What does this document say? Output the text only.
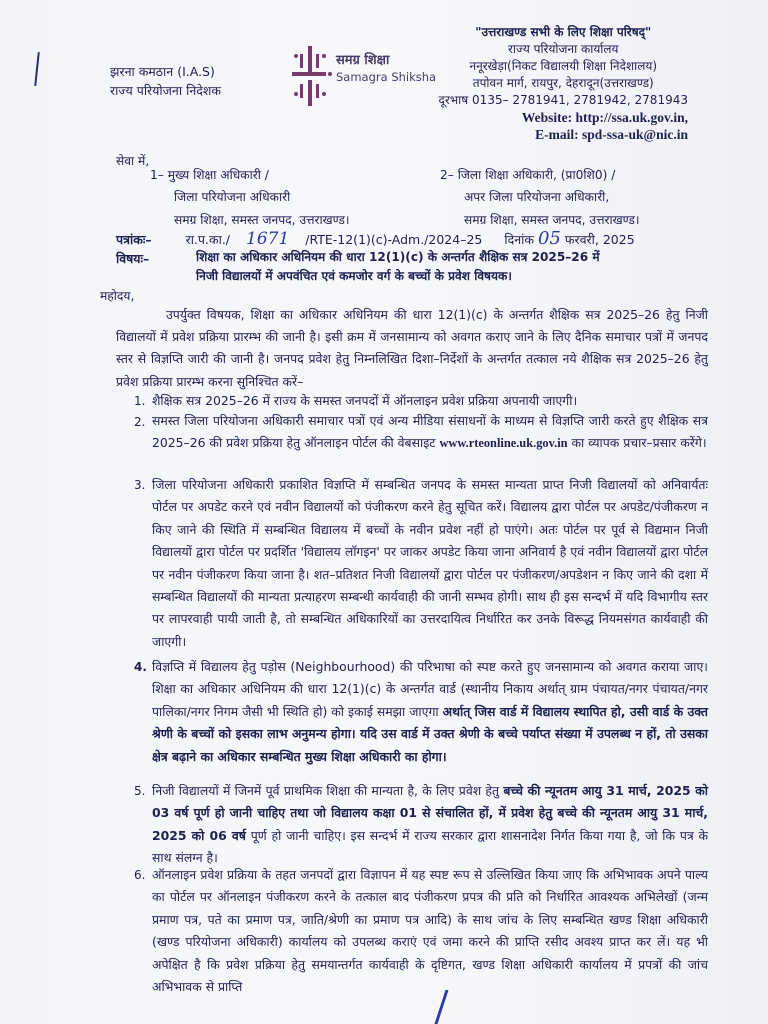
झरना कमठान (I.A.S)
राज्य परियोजना निदेशक
समग्र शिक्षा
Samagra Shiksha
"उत्तराखण्ड सभी के लिए शिक्षा परिषद्"
राज्य परियोजना कार्यालय
ननूरखेड़ा(निकट विद्यालयी शिक्षा निदेशालय)
तपोवन मार्ग, रायपुर, देहरादून(उत्तराखण्ड)
दूरभाष 0135– 2781941, 2781942, 2781943
Website: http://ssa.uk.gov.in,
E-mail: spd-ssa-uk@nic.in
सेवा में,
1– मुख्य शिक्षा अधिकारी /
जिला परियोजना अधिकारी
समग्र शिक्षा, समस्त जनपद, उत्तराखण्ड।
2– जिला शिक्षा अधिकारी, (प्रा0शि0) /
अपर जिला परियोजना अधिकारी,
समग्र शिक्षा, समस्त जनपद, उत्तराखण्ड।
पत्रांकः–	रा.प.का./ 1671 /RTE-12(1)(c)-Adm./2024–25 दिनांक 05 फरवरी, 2025
विषयः–	शिक्षा का अधिकार अधिनियम की धारा 12(1)(c) के अन्तर्गत शैक्षिक सत्र 2025–26 में
निजी विद्यालयों में अपवंचित एवं कमजोर वर्ग के बच्चों के प्रवेश विषयक।
महोदय,
उपर्युक्त विषयक, शिक्षा का अधिकार अधिनियम की धारा 12(1)(c) के अन्तर्गत शैक्षिक सत्र 2025–26 हेतु निजी विद्यालयों में प्रवेश प्रक्रिया प्रारम्भ की जानी है। इसी क्रम में जनसामान्य को अवगत कराए जाने के लिए दैनिक समाचार पत्रों में जनपद स्तर से विज्ञप्ति जारी की जानी है। जनपद प्रवेश हेतु निम्नलिखित दिशा–निर्देशों के अन्तर्गत तत्काल नये शैक्षिक सत्र 2025–26 हेतु प्रवेश प्रक्रिया प्रारम्भ करना सुनिश्चित करें–
1. शैक्षिक सत्र 2025–26 में राज्य के समस्त जनपदों में ऑनलाइन प्रवेश प्रक्रिया अपनायी जाएगी।
2. समस्त जिला परियोजना अधिकारी समाचार पत्रों एवं अन्य मीडिया संसाधनों के माध्यम से विज्ञप्ति जारी करते हुए शैक्षिक सत्र 2025–26 की प्रवेश प्रक्रिया हेतु ऑनलाइन पोर्टल की वेबसाइट www.rteonline.uk.gov.in का व्यापक प्रचार–प्रसार करेंगे।
3. जिला परियोजना अधिकारी प्रकाशित विज्ञप्ति में सम्बन्धित जनपद के समस्त मान्यता प्राप्त निजी विद्यालयों को अनिवार्यतः पोर्टल पर अपडेट करने एवं नवीन विद्यालयों को पंजीकरण करने हेतु सूचित करें। विद्यालय द्वारा पोर्टल पर अपडेट/पंजीकरण न किए जाने की स्थिति में सम्बन्धित विद्यालय में बच्चों के नवीन प्रवेश नहीं हो पाएंगे। अतः पोर्टल पर पूर्व से विद्यमान निजी विद्यालयों द्वारा पोर्टल पर प्रदर्शित 'विद्यालय लॉगइन' पर जाकर अपडेट किया जाना अनिवार्य है एवं नवीन विद्यालयों द्वारा पोर्टल पर नवीन पंजीकरण किया जाना है। शत–प्रतिशत निजी विद्यालयों द्वारा पोर्टल पर पंजीकरण/अपडेशन न किए जाने की दशा में सम्बन्धित विद्यालयों की मान्यता प्रत्याहरण सम्बन्धी कार्यवाही की जानी सम्भव होगी। साथ ही इस सन्दर्भ में यदि विभागीय स्तर पर लापरवाही पायी जाती है, तो सम्बन्धित अधिकारियों का उत्तरदायित्व निर्धारित कर उनके विरूद्ध नियमसंगत कार्यवाही की जाएगी।
4. विज्ञप्ति में विद्यालय हेतु पड़ोस (Neighbourhood) की परिभाषा को स्पष्ट करते हुए जनसामान्य को अवगत कराया जाए। शिक्षा का अधिकार अधिनियम की धारा 12(1)(c) के अन्तर्गत वार्ड (स्थानीय निकाय अर्थात् ग्राम पंचायत/नगर पंचायत/नगर पालिका/नगर निगम जैसी भी स्थिति हो) को इकाई समझा जाएगा अर्थात् जिस वार्ड में विद्यालय स्थापित हो, उसी वार्ड के उक्त श्रेणी के बच्चों को इसका लाभ अनुमन्य होगा। यदि उस वार्ड में उक्त श्रेणी के बच्चे पर्याप्त संख्या में उपलब्ध न हों, तो उसका क्षेत्र बढ़ाने का अधिकार सम्बन्धित मुख्य शिक्षा अधिकारी का होगा।
5. निजी विद्यालयों में जिनमें पूर्व प्राथमिक शिक्षा की मान्यता है, के लिए प्रवेश हेतु बच्चे की न्यूनतम आयु 31 मार्च, 2025 को 03 वर्ष पूर्ण हो जानी चाहिए तथा जो विद्यालय कक्षा 01 से संचालित हों, में प्रवेश हेतु बच्चे की न्यूनतम आयु 31 मार्च, 2025 को 06 वर्ष पूर्ण हो जानी चाहिए। इस सन्दर्भ में राज्य सरकार द्वारा शासनादेश निर्गत किया गया है, जो कि पत्र के साथ संलग्न है।
6. ऑनलाइन प्रवेश प्रक्रिया के तहत जनपदों द्वारा विज्ञापन में यह स्पष्ट रूप से उल्लिखित किया जाए कि अभिभावक अपने पाल्य का पोर्टल पर ऑनलाइन पंजीकरण करने के तत्काल बाद पंजीकरण प्रपत्र की प्रति को निर्धारित आवश्यक अभिलेखों (जन्म प्रमाण पत्र, पते का प्रमाण पत्र, जाति/श्रेणी का प्रमाण पत्र आदि) के साथ जांच के लिए सम्बन्धित खण्ड शिक्षा अधिकारी (खण्ड परियोजना अधिकारी) कार्यालय को उपलब्ध कराएं एवं जमा करने की प्राप्ति रसीद अवश्य प्राप्त कर लें। यह भी अपेक्षित है कि प्रवेश प्रक्रिया हेतु समयान्तर्गत कार्यवाही के दृष्टिगत, खण्ड शिक्षा अधिकारी कार्यालय में प्रपत्रों की जांच अभिभावक से प्राप्ति
